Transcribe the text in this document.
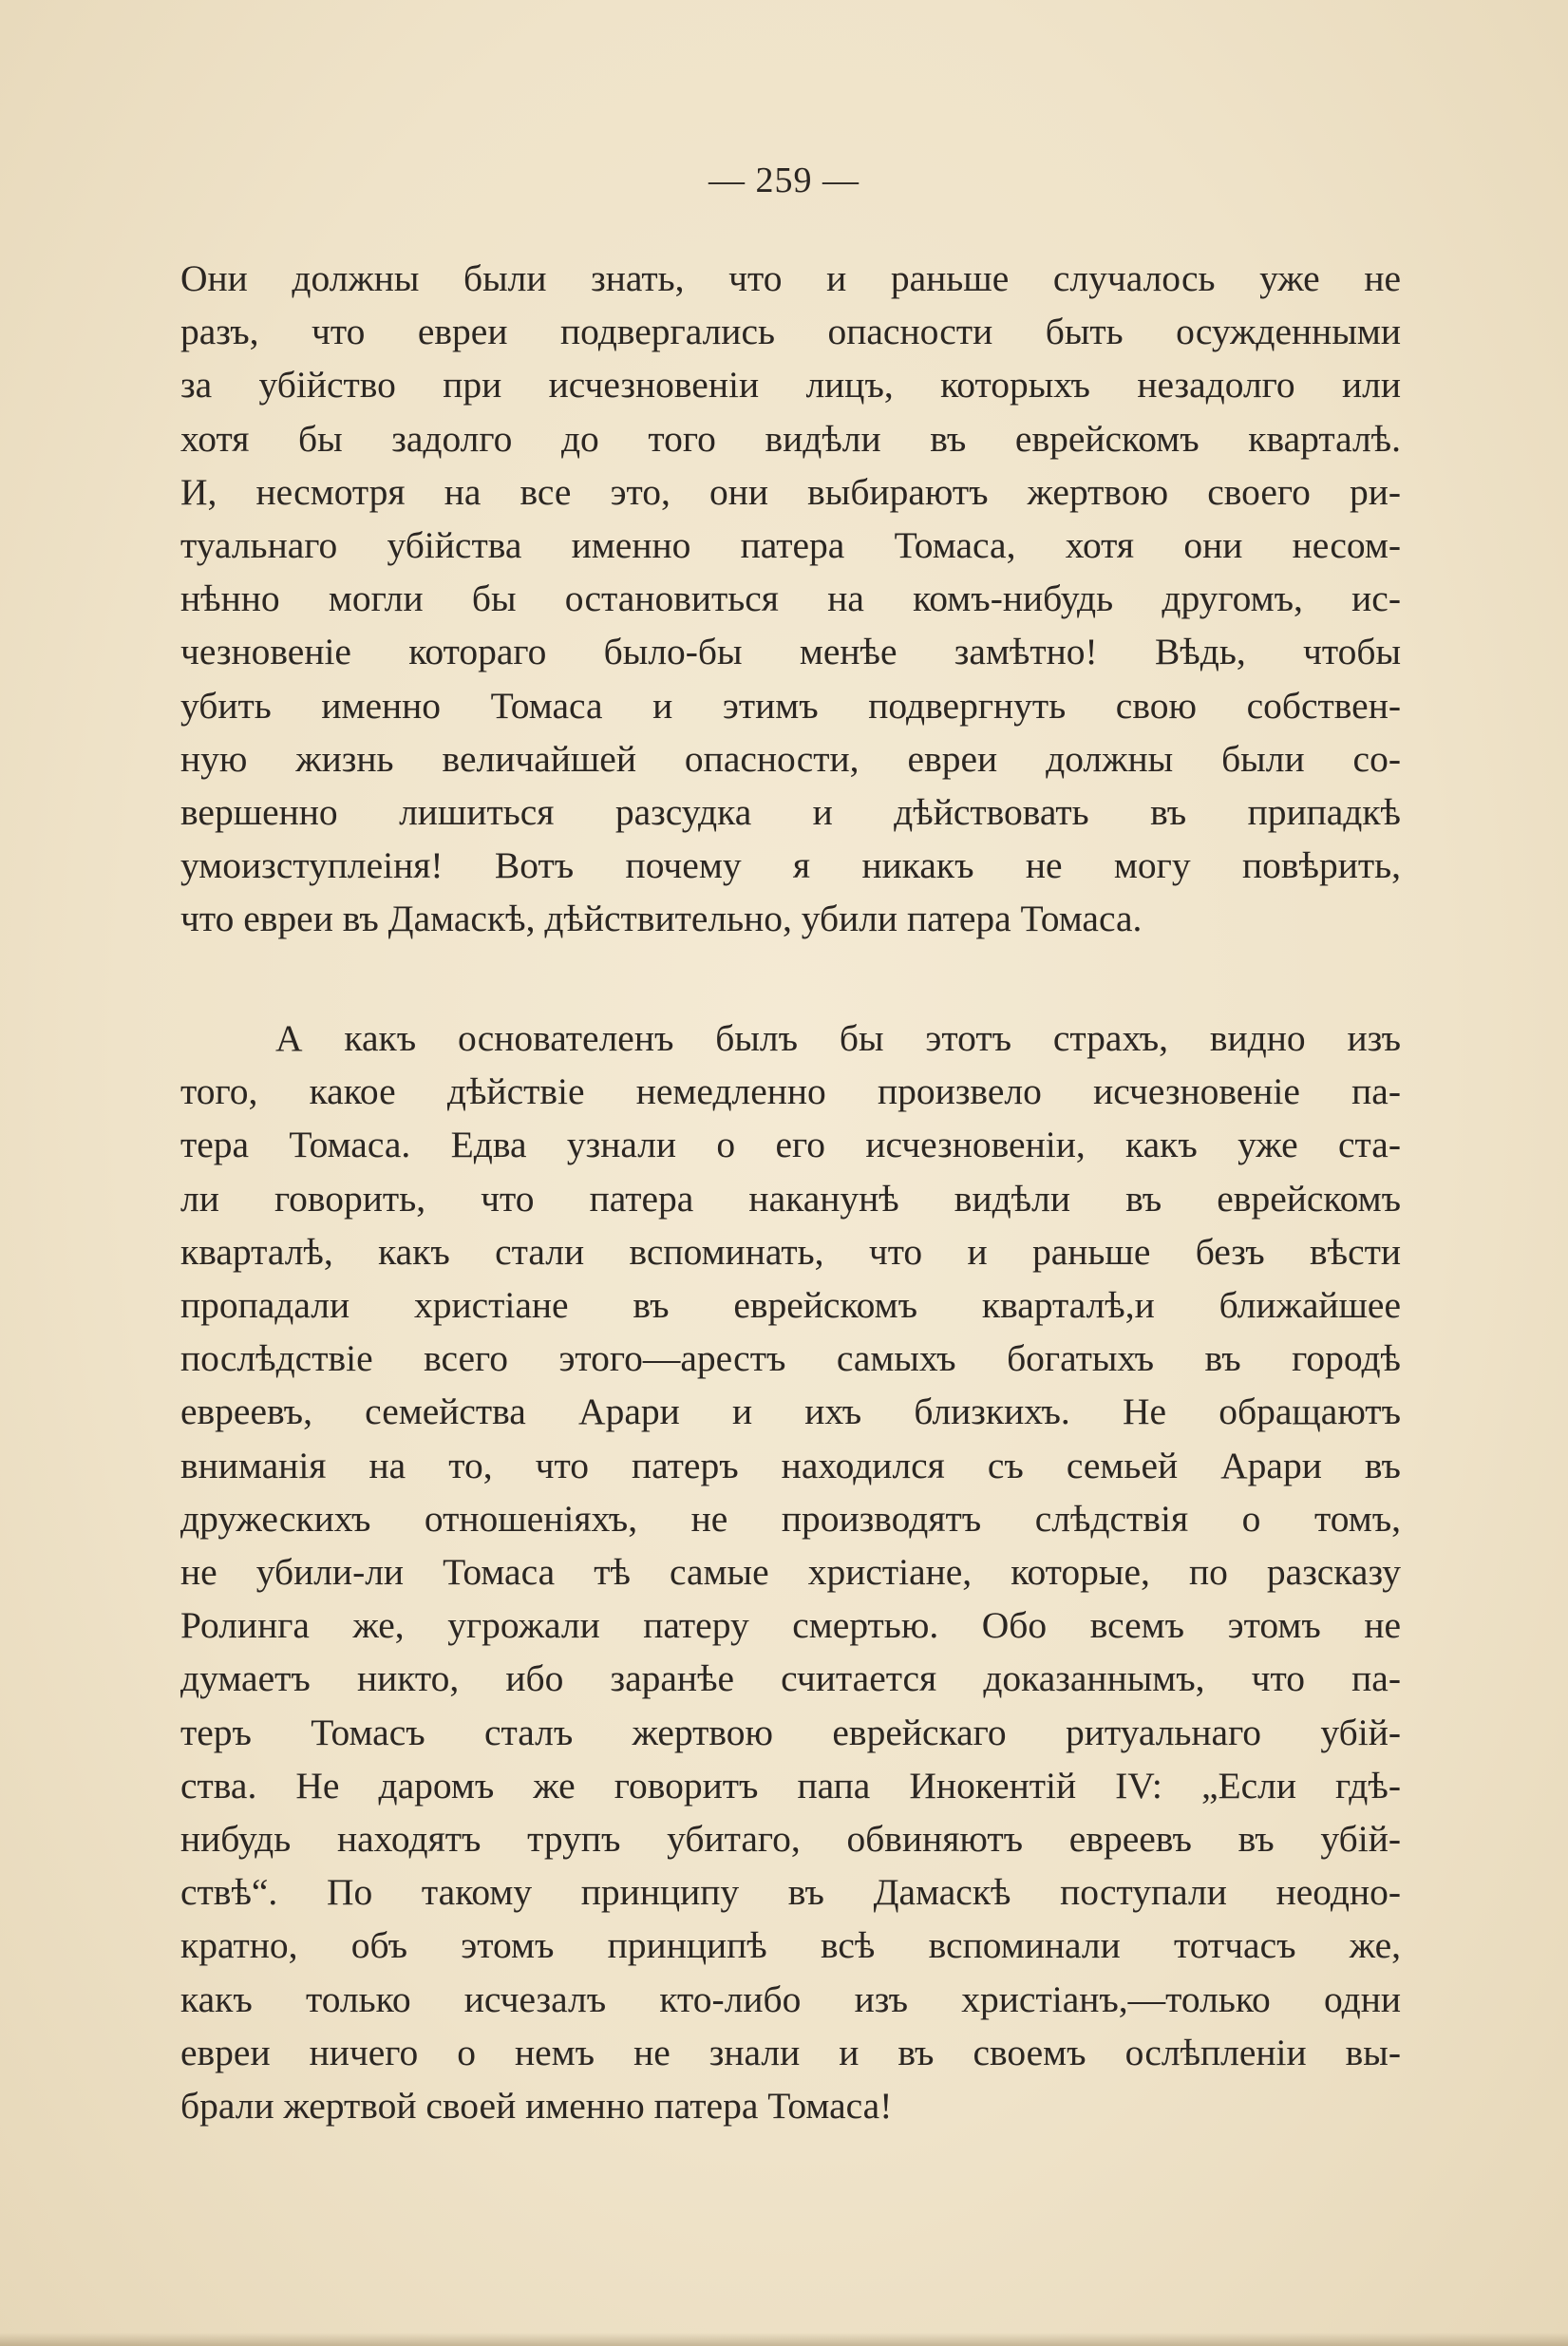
— 259 —
Они должны были знать, что и раньше случалось уже не
разъ, что евреи подвергались опасности быть осужденными
за убійство при исчезновеніи лицъ, которыхъ незадолго или
хотя бы задолго до того видѣли въ еврейскомъ кварталѣ.
И, несмотря на все это, они выбираютъ жертвою своего ри-
туальнаго убійства именно патера Томаса, хотя они несом-
нѣнно могли бы остановиться на комъ-нибудь другомъ, ис-
чезновеніе котораго было-бы менѣе замѣтно! Вѣдь, чтобы
убить именно Томаса и этимъ подвергнуть свою собствен-
ную жизнь величайшей опасности, евреи должны были со-
вершенно лишиться разсудка и дѣйствовать въ припадкѣ
умоизступлеіня! Вотъ почему я никакъ не могу повѣрить,
что евреи въ Дамаскѣ, дѣйствительно, убили патера Томаса.
А какъ основателенъ былъ бы этотъ страхъ, видно изъ
того, какое дѣйствіе немедленно произвело исчезновеніе па-
тера Томаса. Едва узнали о его исчезновеніи, какъ уже ста-
ли говорить, что патера наканунѣ видѣли въ еврейскомъ
кварталѣ, какъ стали вспоминать, что и раньше безъ вѣсти
пропадали христіане въ еврейскомъ кварталѣ,и ближайшее
послѣдствіе всего этого—арестъ самыхъ богатыхъ въ городѣ
евреевъ, семейства Арари и ихъ близкихъ. Не обращаютъ
вниманія на то, что патеръ находился съ семьей Арари въ
дружескихъ отношеніяхъ, не производятъ слѣдствія о томъ,
не убили-ли Томаса тѣ самые христіане, которые, по разсказу
Ролинга же, угрожали патеру смертью. Обо всемъ этомъ не
думаетъ никто, ибо заранѣе считается доказаннымъ, что па-
теръ Томасъ сталъ жертвою еврейскаго ритуальнаго убій-
ства. Не даромъ же говоритъ папа Инокентій IV: „Если гдѣ-
нибудь находятъ трупъ убитаго, обвиняютъ евреевъ въ убій-
ствѣ“. По такому принципу въ Дамаскѣ поступали неодно-
кратно, объ этомъ принципѣ всѣ вспоминали тотчасъ же,
какъ только исчезалъ кто-либо изъ христіанъ,—только одни
евреи ничего о немъ не знали и въ своемъ ослѣпленіи вы-
брали жертвой своей именно патера Томаса!
